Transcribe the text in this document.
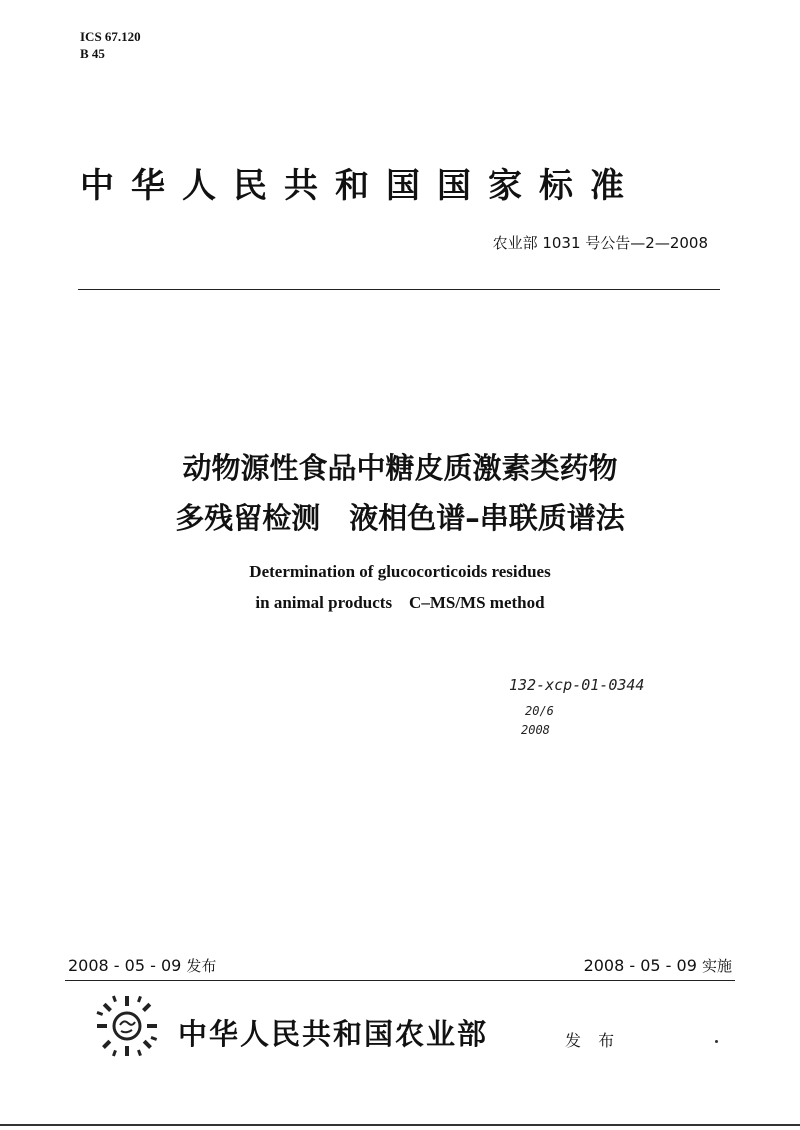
ICS 67.120
B 45
中华人民共和国国家标准
农业部 1031 号公告—2—2008
动物源性食品中糖皮质激素类药物
多残留检测　液相色谱–串联质谱法
Determination of glucocorticoids residues
in animal products　C–MS/MS method
132-xcp-01-0344
20/6
2008
2008 - 05 - 09 发布	2008 - 05 - 09 实施
中华人民共和国农业部	发 布
